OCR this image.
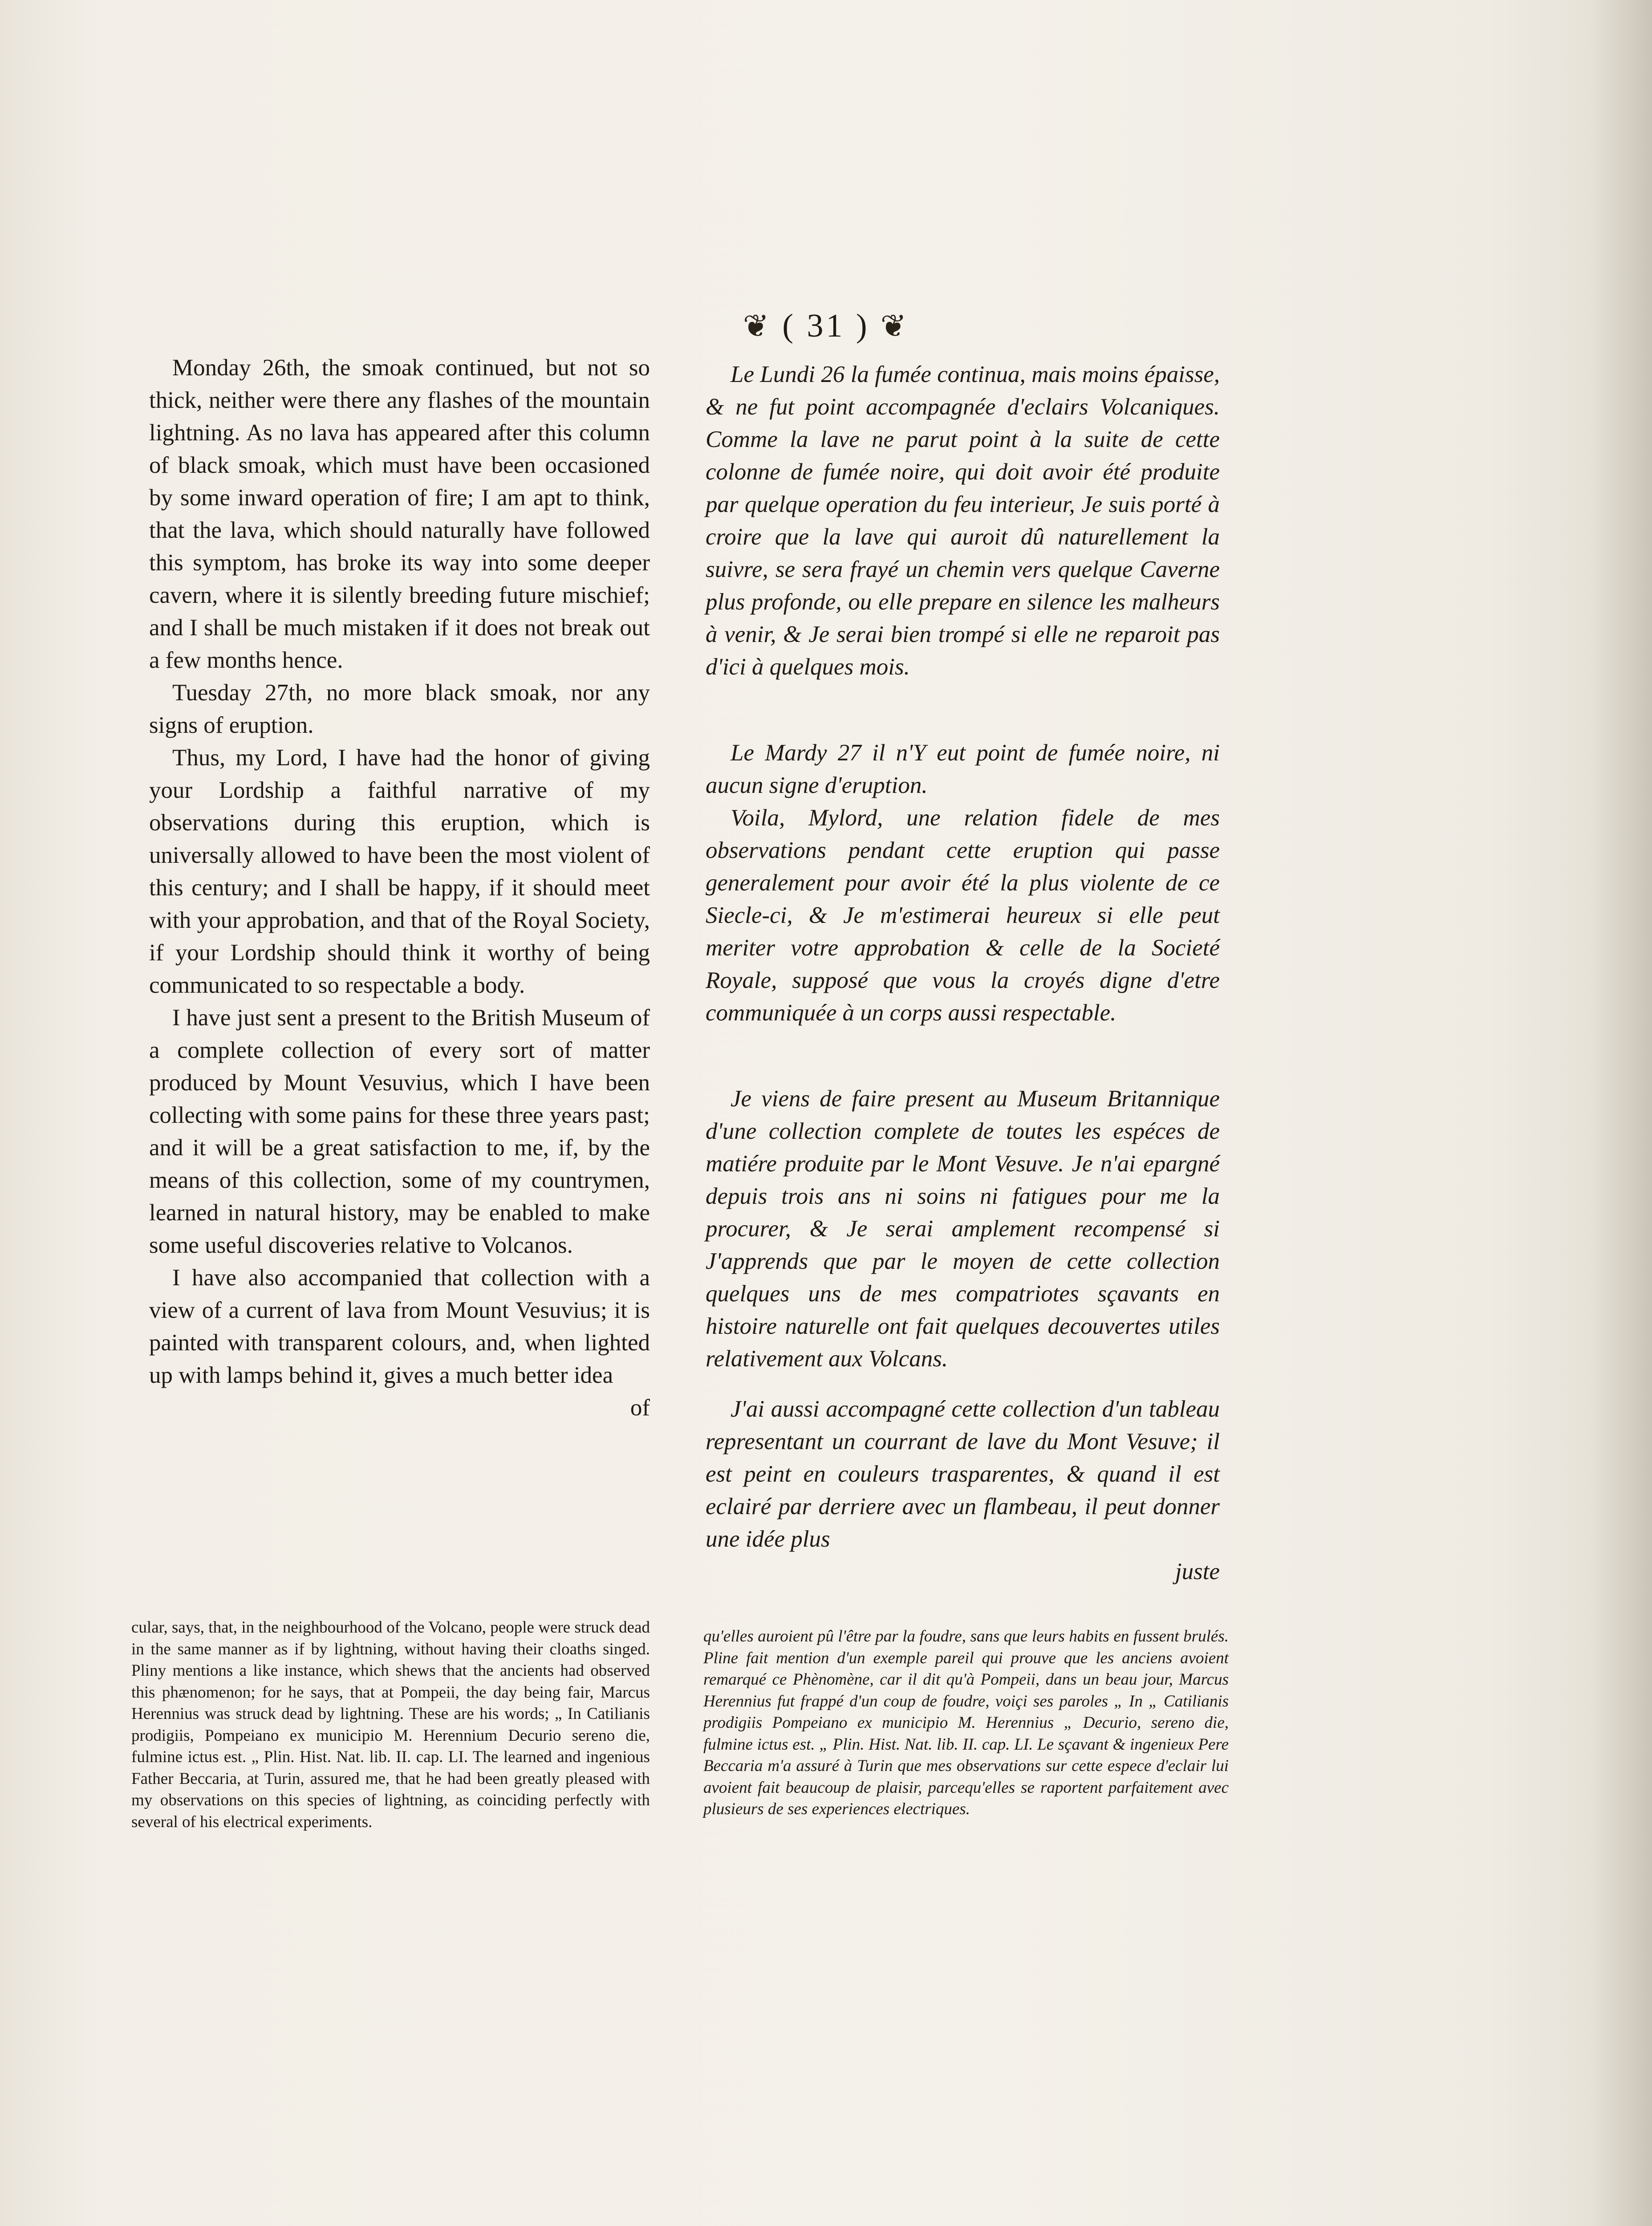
❦ ( 31 ) ❦

Monday 26th, the smoak continued, but not so thick, neither were there any flashes of the mountain lightning. As no lava has appeared after this column of black smoak, which must have been occasioned by some inward operation of fire; I am apt to think, that the lava, which should naturally have followed this symptom, has broke its way into some deeper cavern, where it is silently breeding future mischief; and I shall be much mistaken if it does not break out a few months hence.

Tuesday 27th, no more black smoak, nor any signs of eruption.

Thus, my Lord, I have had the honor of giving your Lordship a faithful narrative of my observations during this eruption, which is universally allowed to have been the most violent of this century; and I shall be happy, if it should meet with your approbation, and that of the Royal Society, if your Lordship should think it worthy of being communicated to so respectable a body.

I have just sent a present to the British Museum of a complete collection of every sort of matter produced by Mount Vesuvius, which I have been collecting with some pains for these three years past; and it will be a great satisfaction to me, if, by the means of this collection, some of my countrymen, learned in natural history, may be enabled to make some useful discoveries relative to Volcanos.

I have also accompanied that collection with a view of a current of lava from Mount Vesuvius; it is painted with transparent colours, and, when lighted up with lamps behind it, gives a much better idea

of

Le Lundi 26 la fumée continua, mais moins épaisse, & ne fut point accompagnée d'eclairs Volcaniques. Comme la lave ne parut point à la suite de cette colonne de fumée noire, qui doit avoir été produite par quelque operation du feu interieur, Je suis porté à croire que la lave qui auroit dû naturellement la suivre, se sera frayé un chemin vers quelque Caverne plus profonde, ou elle prepare en silence les malheurs à venir, & Je serai bien trompé si elle ne reparoit pas d'ici à quelques mois.

Le Mardy 27 il n'Y eut point de fumée noire, ni aucun signe d'eruption.

Voila, Mylord, une relation fidele de mes observations pendant cette eruption qui passe generalement pour avoir été la plus violente de ce Siecle-ci, & Je m'estimerai heureux si elle peut meriter votre approbation & celle de la Societé Royale, supposé que vous la croyés digne d'etre communiquée à un corps aussi respectable.

Je viens de faire present au Museum Britannique d'une collection complete de toutes les espéces de matiére produite par le Mont Vesuve. Je n'ai epargné depuis trois ans ni soins ni fatigues pour me la procurer, & Je serai amplement recompensé si J'apprends que par le moyen de cette collection quelques uns de mes compatriotes sçavants en histoire naturelle ont fait quelques decouvertes utiles relativement aux Volcans.

J'ai aussi accompagné cette collection d'un tableau representant un courrant de lave du Mont Vesuve; il est peint en couleurs trasparentes, & quand il est eclairé par derriere avec un flambeau, il peut donner une idée plus

juste

cular, says, that, in the neighbourhood of the Volcano, people were struck dead in the same manner as if by lightning, without having their cloaths singed. Pliny mentions a like instance, which shews that the ancients had observed this phænomenon; for he says, that at Pompeii, the day being fair, Marcus Herennius was struck dead by lightning. These are his words; „ In Catilianis prodigiis, Pompeiano ex municipio M. Herennium Decurio sereno die, fulmine ictus est. „ Plin. Hist. Nat. lib. II. cap. LI. The learned and ingenious Father Beccaria, at Turin, assured me, that he had been greatly pleased with my observations on this species of lightning, as coinciding perfectly with several of his electrical experiments.

qu'elles auroient pû l'être par la foudre, sans que leurs habits en fussent brulés. Pline fait mention d'un exemple pareil qui prouve que les anciens avoient remarqué ce Phènomène, car il dit qu'à Pompeii, dans un beau jour, Marcus Herennius fut frappé d'un coup de foudre, voiçi ses paroles „ In „ Catilianis prodigiis Pompeiano ex municipio M. Herennius „ Decurio, sereno die, fulmine ictus est. „ Plin. Hist. Nat. lib. II. cap. LI. Le sçavant & ingenieux Pere Beccaria m'a assuré à Turin que mes observations sur cette espece d'eclair lui avoient fait beaucoup de plaisir, parcequ'elles se raportent parfaitement avec plusieurs de ses experiences electriques.
